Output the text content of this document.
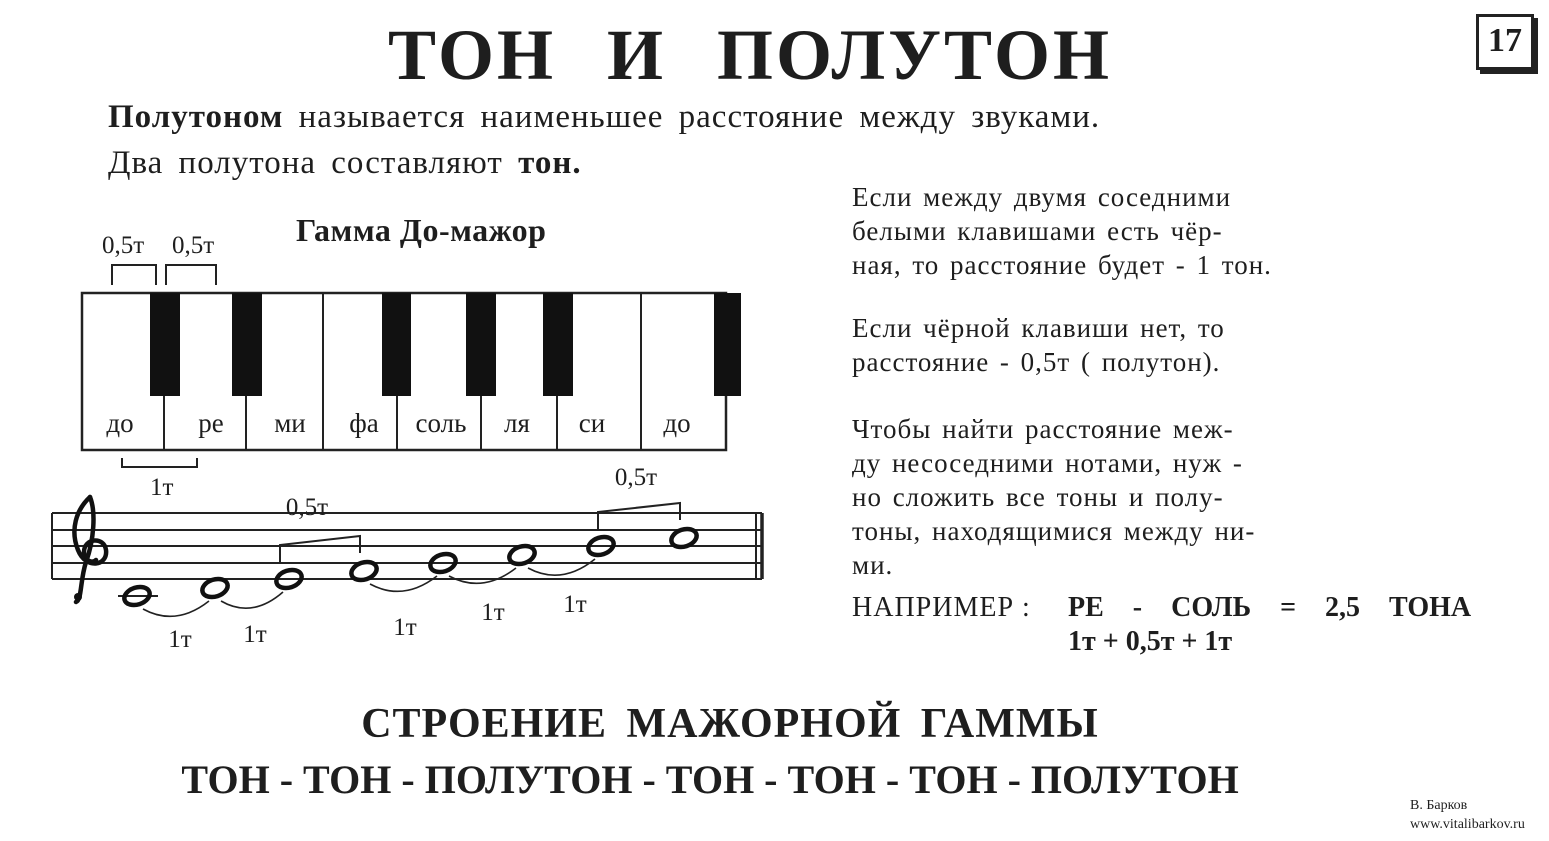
ТОН И ПОЛУТОН	17
Полутоном называется наименьшее расстояние между звуками.
Два полутона составляют тон.
Гамма До-мажор
до ре ми фа соль ля си до
0,5т 0,5т
1т
1т 1т
0,5т
1т
1т 1т
0,5т
Если между двумя соседними
белыми клавишами есть чёр-
ная, то расстояние будет - 1 тон.
Если чёрной клавиши нет, то
расстояние - 0,5т ( полутон).
Чтобы найти расстояние меж-
ду несоседними нотами, нуж -
но сложить все тоны и полу-
тоны, находящимися между ни-
ми.
НАПРИМЕР : РЕ - СОЛЬ = 2,5 ТОНА
1т + 0,5т + 1т
СТРОЕНИЕ МАЖОРНОЙ ГАММЫ
ТОН - ТОН - ПОЛУТОН - ТОН - ТОН - ТОН - ПОЛУТОН
В. Барков
www.vitalibarkov.ru
